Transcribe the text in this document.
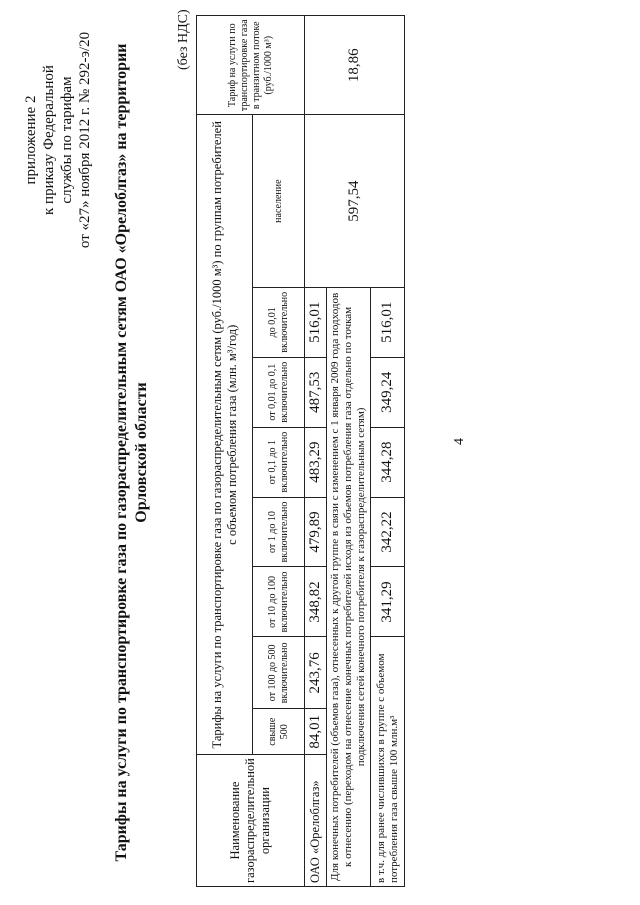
приложение 2 к приказу Федеральной службы по тарифам от «27» ноября 2012 г. № 292-э/20 Тарифы на услуги по транспортировке газа по газораспределительным сетям ОАО «Орелоблгаз» на территории Орловской области
(без НДС)
Наименование газораспределительной организации	Тарифы на услуги по транспортировке газа по газораспределительным сетям (руб./1000 м³) по группам потребителей с объемом потребления газа (млн. м³/год)								Тариф на услуги по транспортировке газа в транзитном потоке (руб./1000 м³)
	свыше 500	от 100 до 500 включительно	от 10 до 100 включительно	от 1 до 10 включительно	от 0,1 до 1 включительно	от 0,01 до 0,1 включительно	до 0,01 включительно	население	
ОАО «Орелоблгаз»	84,01	243,76	348,82	479,89	483,29	487,53	516,01	597,54	18,86
Для конечных потребителей (объемов газа), отнесенных к другой группе в связи с изменением с 1 января 2009 года подходов к отнесению (переходом на отнесение конечных потребителей исходя из объемов потребления газа отдельно по точкам подключения сетей конечного потребителя к газораспределительным сетям)									
в т.ч. для ранее числившихся в группе с объемом потребления газа свыше 100 млн.м³			341,29	342,22	344,28	349,24	516,01		
4
